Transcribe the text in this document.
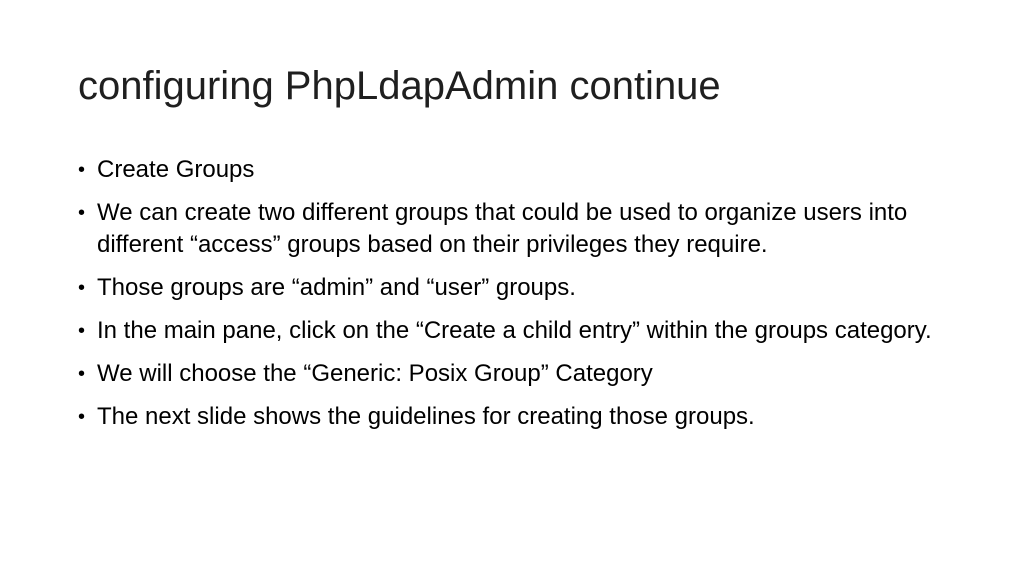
configuring PhpLdapAdmin continue
• Create Groups
• We can create two different groups that could be used to organize users into different “access” groups based on their privileges they require.
• Those groups are “admin” and “user” groups.
• In the main pane, click on the “Create a child entry” within the groups category.
• We will choose the “Generic: Posix Group” Category
• The next slide shows the guidelines for creating those groups.
